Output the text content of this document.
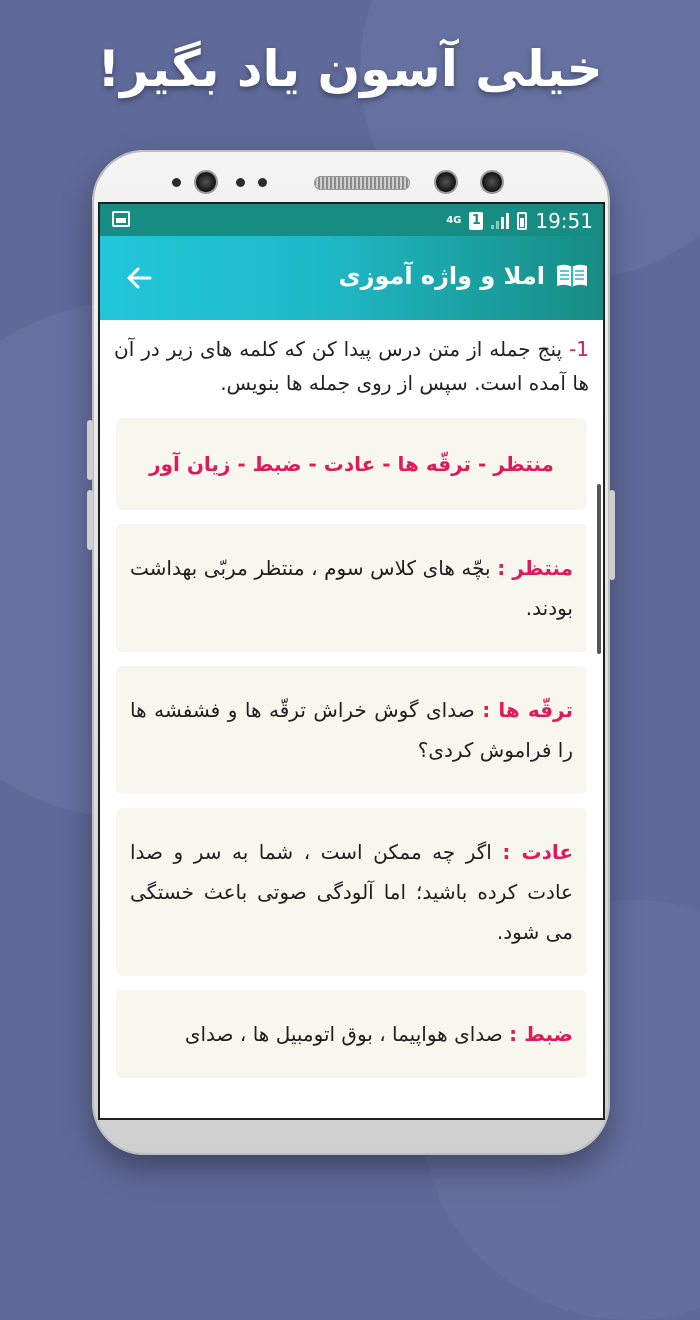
خیلی آسون یاد بگیر!
4G 1	19:51
املا و واژه آموزی

1- پنج جمله از متن درس پیدا کن که کلمه های زیر در آن ها آمده است. سپس از روی جمله ها بنویس.

منتظر - ترقّه ها - عادت - ضبط - زیان آور
منتظر : بچّه های کلاس سوم ، منتظر مربّی بهداشت بودند.
ترقّه ها : صدای گوش خراش ترقّه ها و فشفشه ها را فراموش کردی؟
عادت : اگر چه ممکن است ، شما به سر و صدا عادت کرده باشید؛ اما آلودگی صوتی باعث خستگی می شود.
ضبط : صدای هواپیما ، بوق اتومبیل ها ، صدای
